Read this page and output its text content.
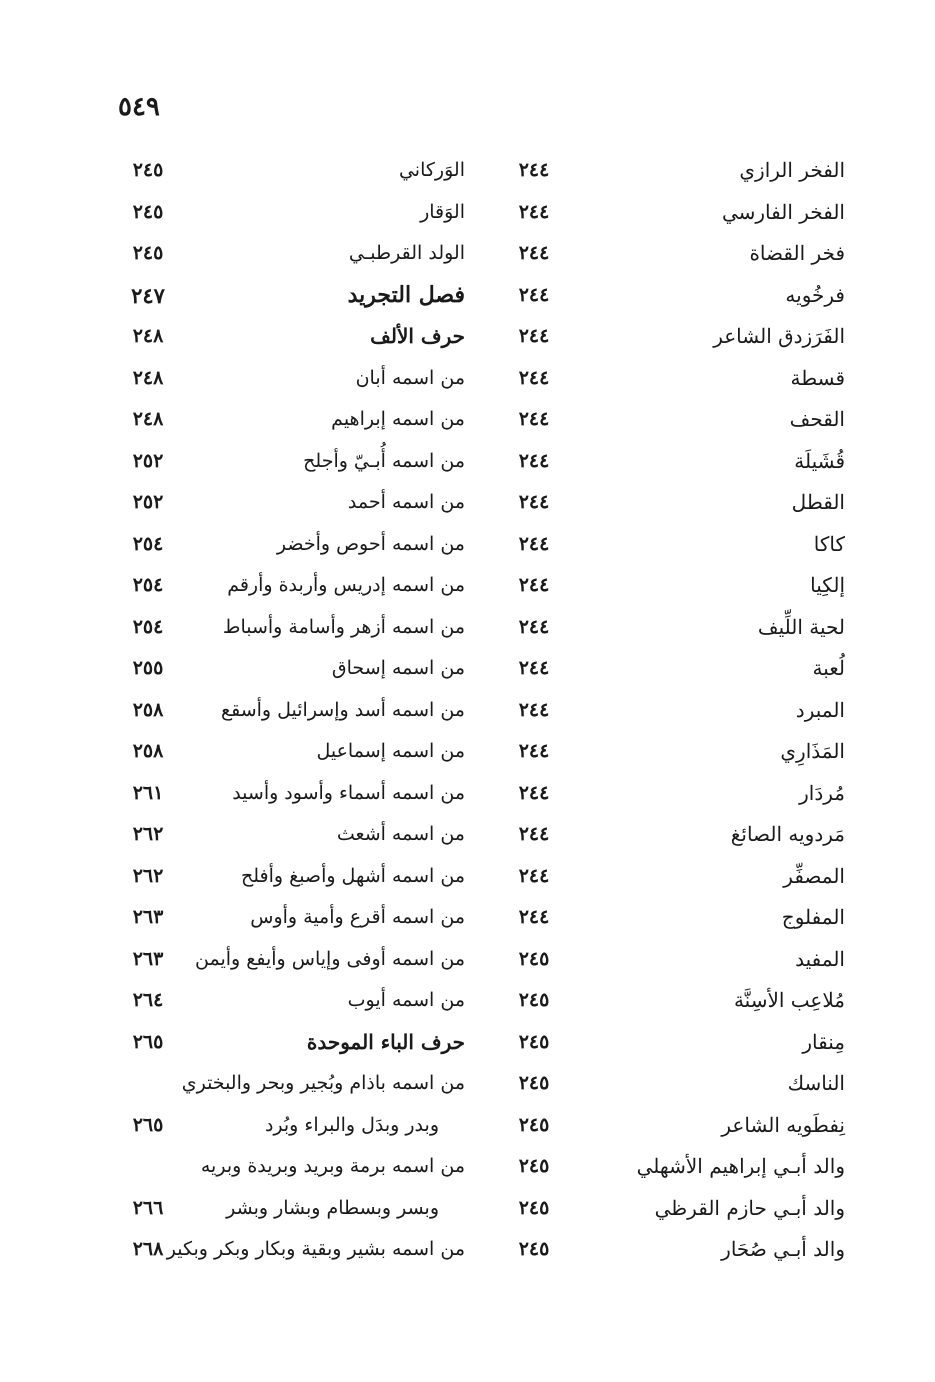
٥٤٩
الفخر الرازي
٢٤٤
الوَركاني
٢٤٥
الفخر الفارسي
٢٤٤
الوَقار
٢٤٥
فخر القضاة
٢٤٤
الولد القرطبـي
٢٤٥
فرخُويه
٢٤٤
فصل التجريد
٢٤٧
الفَرَزدق الشاعر
٢٤٤
حرف الألف
٢٤٨
قسطة
٢٤٤
من اسمه أبان
٢٤٨
القحف
٢٤٤
من اسمه إبراهيم
٢٤٨
قُشَيلَة
٢٤٤
من اسمه أُبـيّ وأجلح
٢٥٢
القطل
٢٤٤
من اسمه أحمد
٢٥٢
كاكا
٢٤٤
من اسمه أحوص وأخضر
٢٥٤
إلكِيا
٢٤٤
من اسمه إدريس وأربدة وأرقم
٢٥٤
لحية اللِّيف
٢٤٤
من اسمه أزهر وأسامة وأسباط
٢٥٤
لُعبة
٢٤٤
من اسمه إسحاق
٢٥٥
المبرد
٢٤٤
من اسمه أسد وإسرائيل وأسقع
٢٥٨
المَذَارِي
٢٤٤
من اسمه إسماعيل
٢٥٨
مُردَار
٢٤٤
من اسمه أسماء وأسود وأسيد
٢٦١
مَردويه الصائغ
٢٤٤
من اسمه أشعث
٢٦٢
المصفِّر
٢٤٤
من اسمه أشهل وأصبغ وأفلح
٢٦٢
المفلوج
٢٤٤
من اسمه أقرع وأمية وأوس
٢٦٣
المفيد
٢٤٥
من اسمه أوفى وإياس وأيفع وأيمن
٢٦٣
مُلاعِب الأسِنَّة
٢٤٥
من اسمه أيوب
٢٦٤
مِنقار
٢٤٥
حرف الباء الموحدة
٢٦٥
الناسك
٢٤٥
من اسمه باذام وبُجير وبحر والبختري
نِفطَويه الشاعر
٢٤٥
وبدر وبدَل والبراء وبُرد
٢٦٥
والد أبـي إبراهيم الأشهلي
٢٤٥
من اسمه برمة وبريد وبريدة وبريه
والد أبـي حازم القرظي
٢٤٥
وبسر وبسطام وبشار وبشر
٢٦٦
والد أبـي صُحَار
٢٤٥
من اسمه بشير وبقية وبكار وبكر وبكير
٢٦٨
